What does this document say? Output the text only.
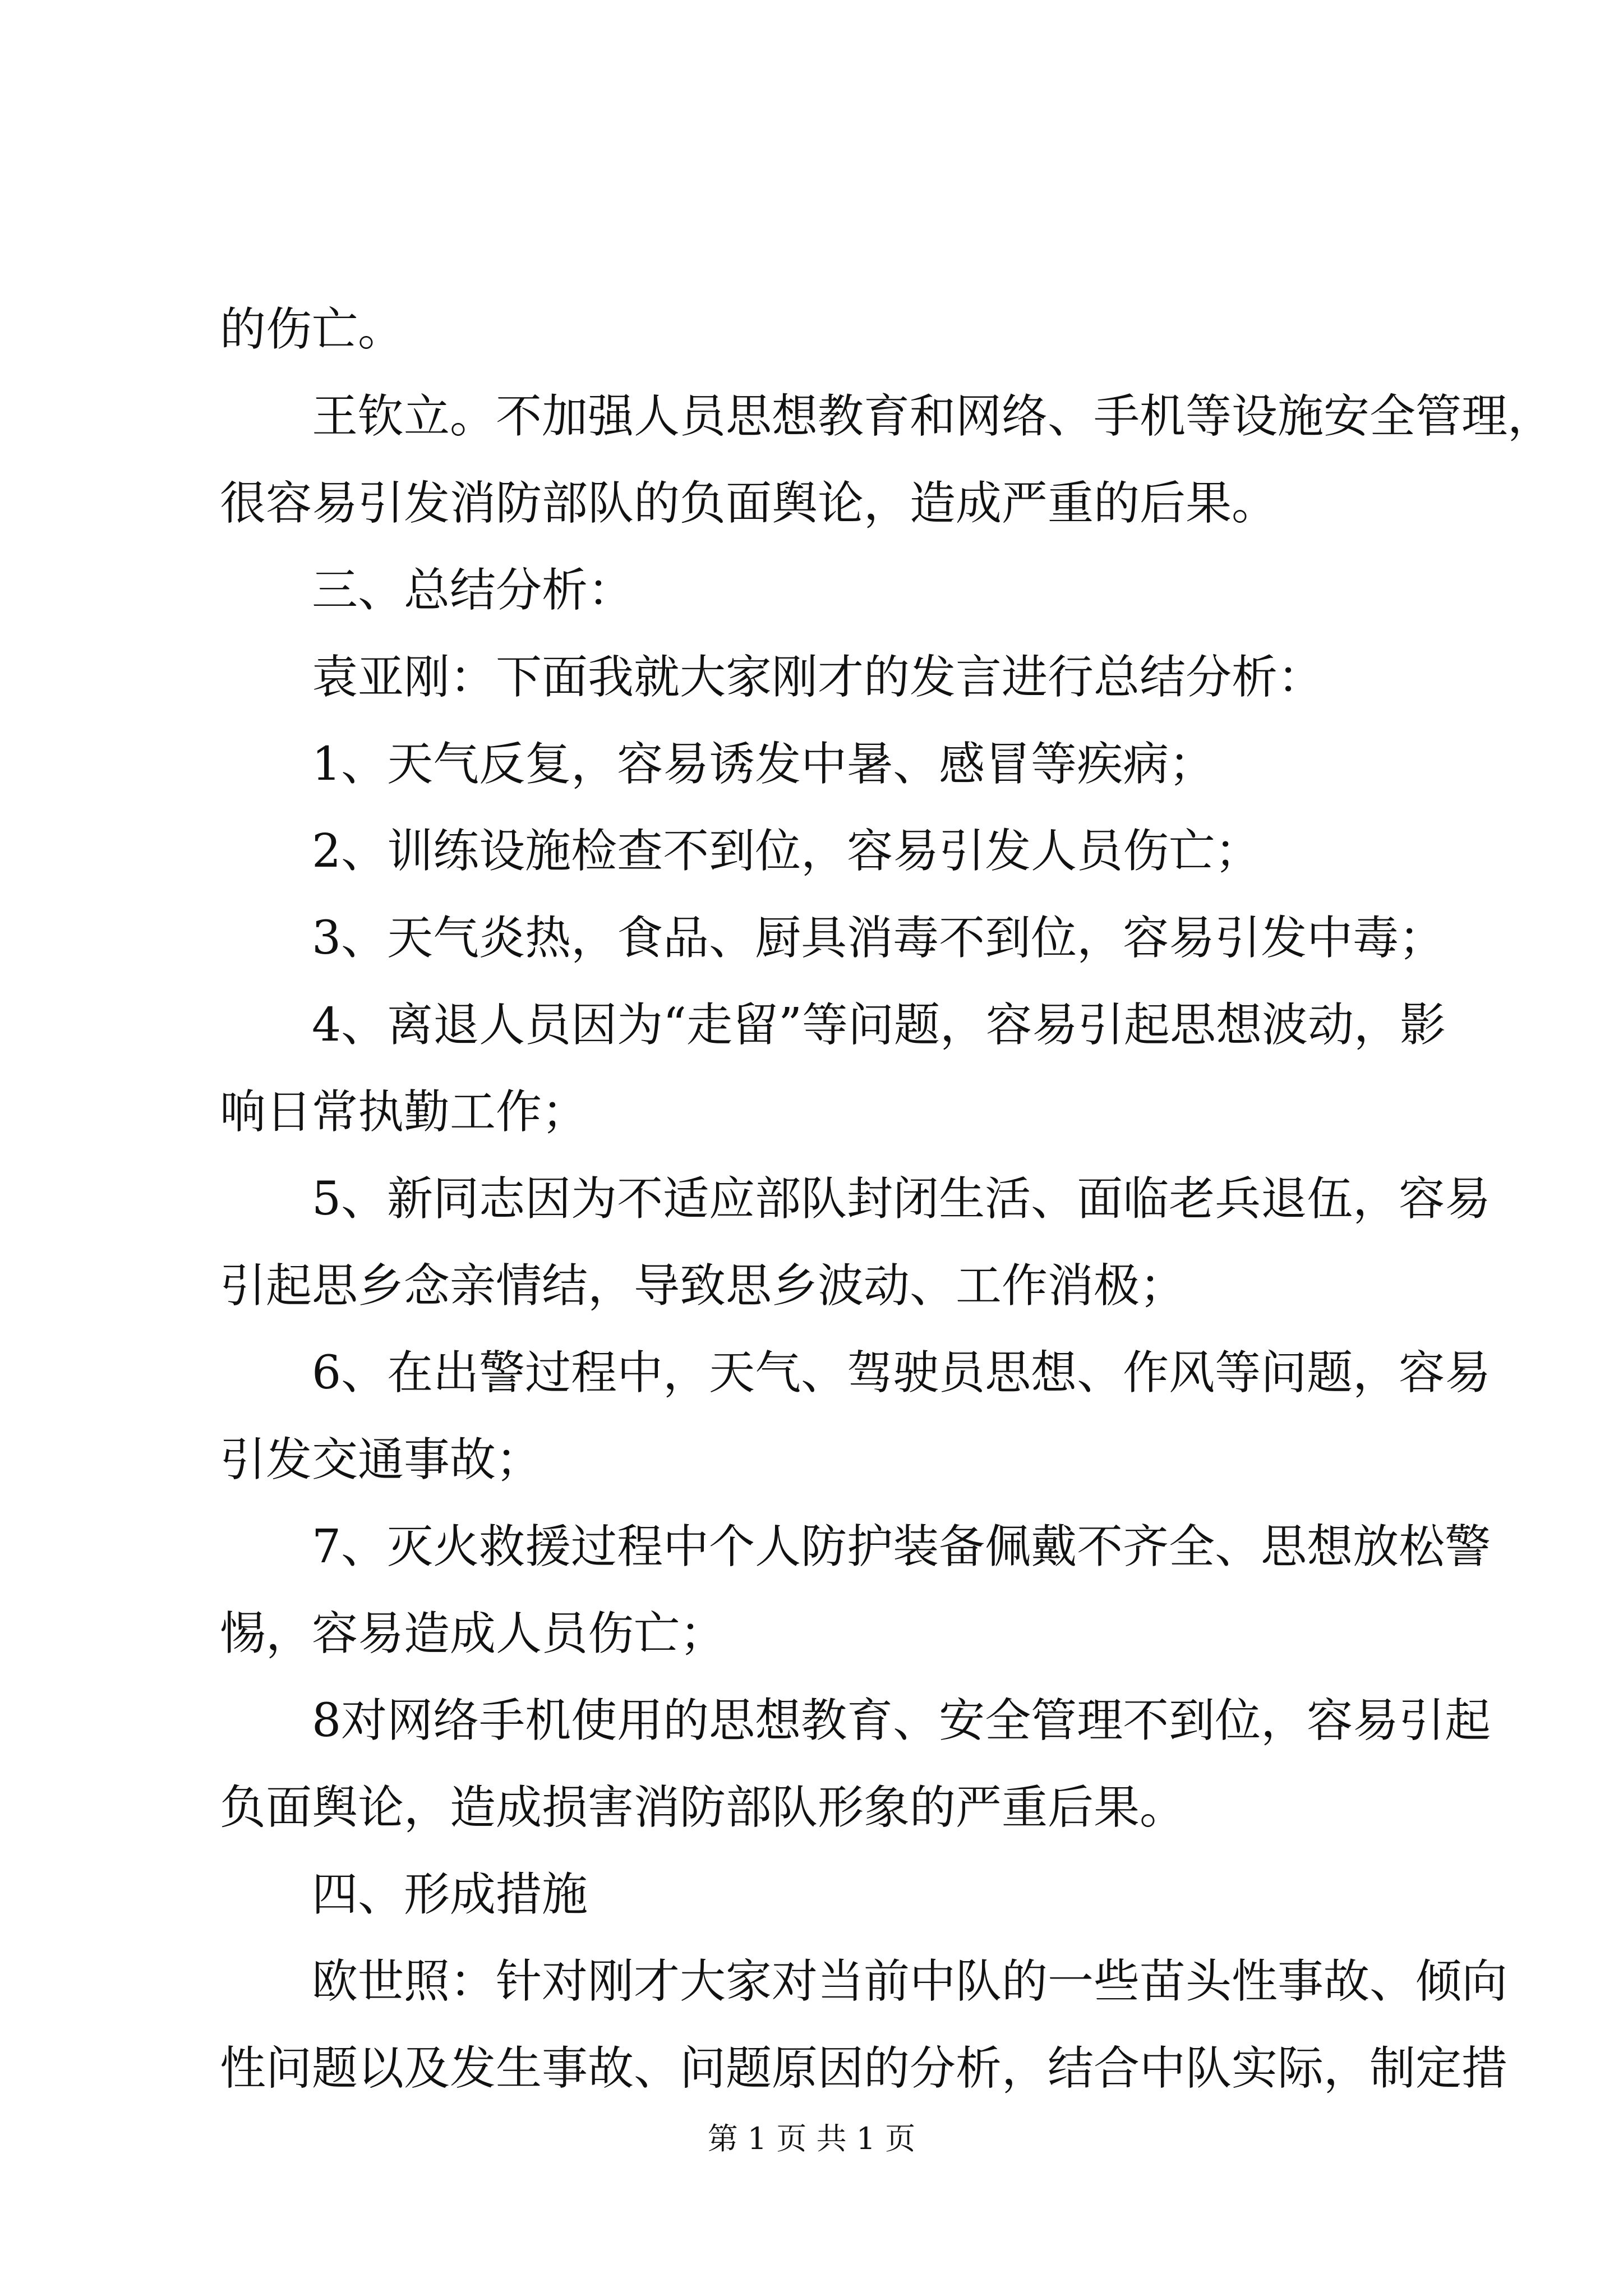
的伤亡。
王钦立。不加强人员思想教育和网络、手机等设施安全管理，
很容易引发消防部队的负面舆论，造成严重的后果。
三、总结分析：
袁亚刚：下面我就大家刚才的发言进行总结分析：
1、天气反复，容易诱发中暑、感冒等疾病；
2、训练设施检查不到位，容易引发人员伤亡；
3、天气炎热，食品、厨具消毒不到位，容易引发中毒；
4、离退人员因为“走留”等问题，容易引起思想波动，影
响日常执勤工作；
5、新同志因为不适应部队封闭生活、面临老兵退伍，容易
引起思乡念亲情结，导致思乡波动、工作消极；
6、在出警过程中，天气、驾驶员思想、作风等问题，容易
引发交通事故；
7、灭火救援过程中个人防护装备佩戴不齐全、思想放松警
惕，容易造成人员伤亡；
8对网络手机使用的思想教育、安全管理不到位，容易引起
负面舆论，造成损害消防部队形象的严重后果。
四、形成措施
欧世照：针对刚才大家对当前中队的一些苗头性事故、倾向
性问题以及发生事故、问题原因的分析，结合中队实际，制定措
第 1 页 共 1 页
